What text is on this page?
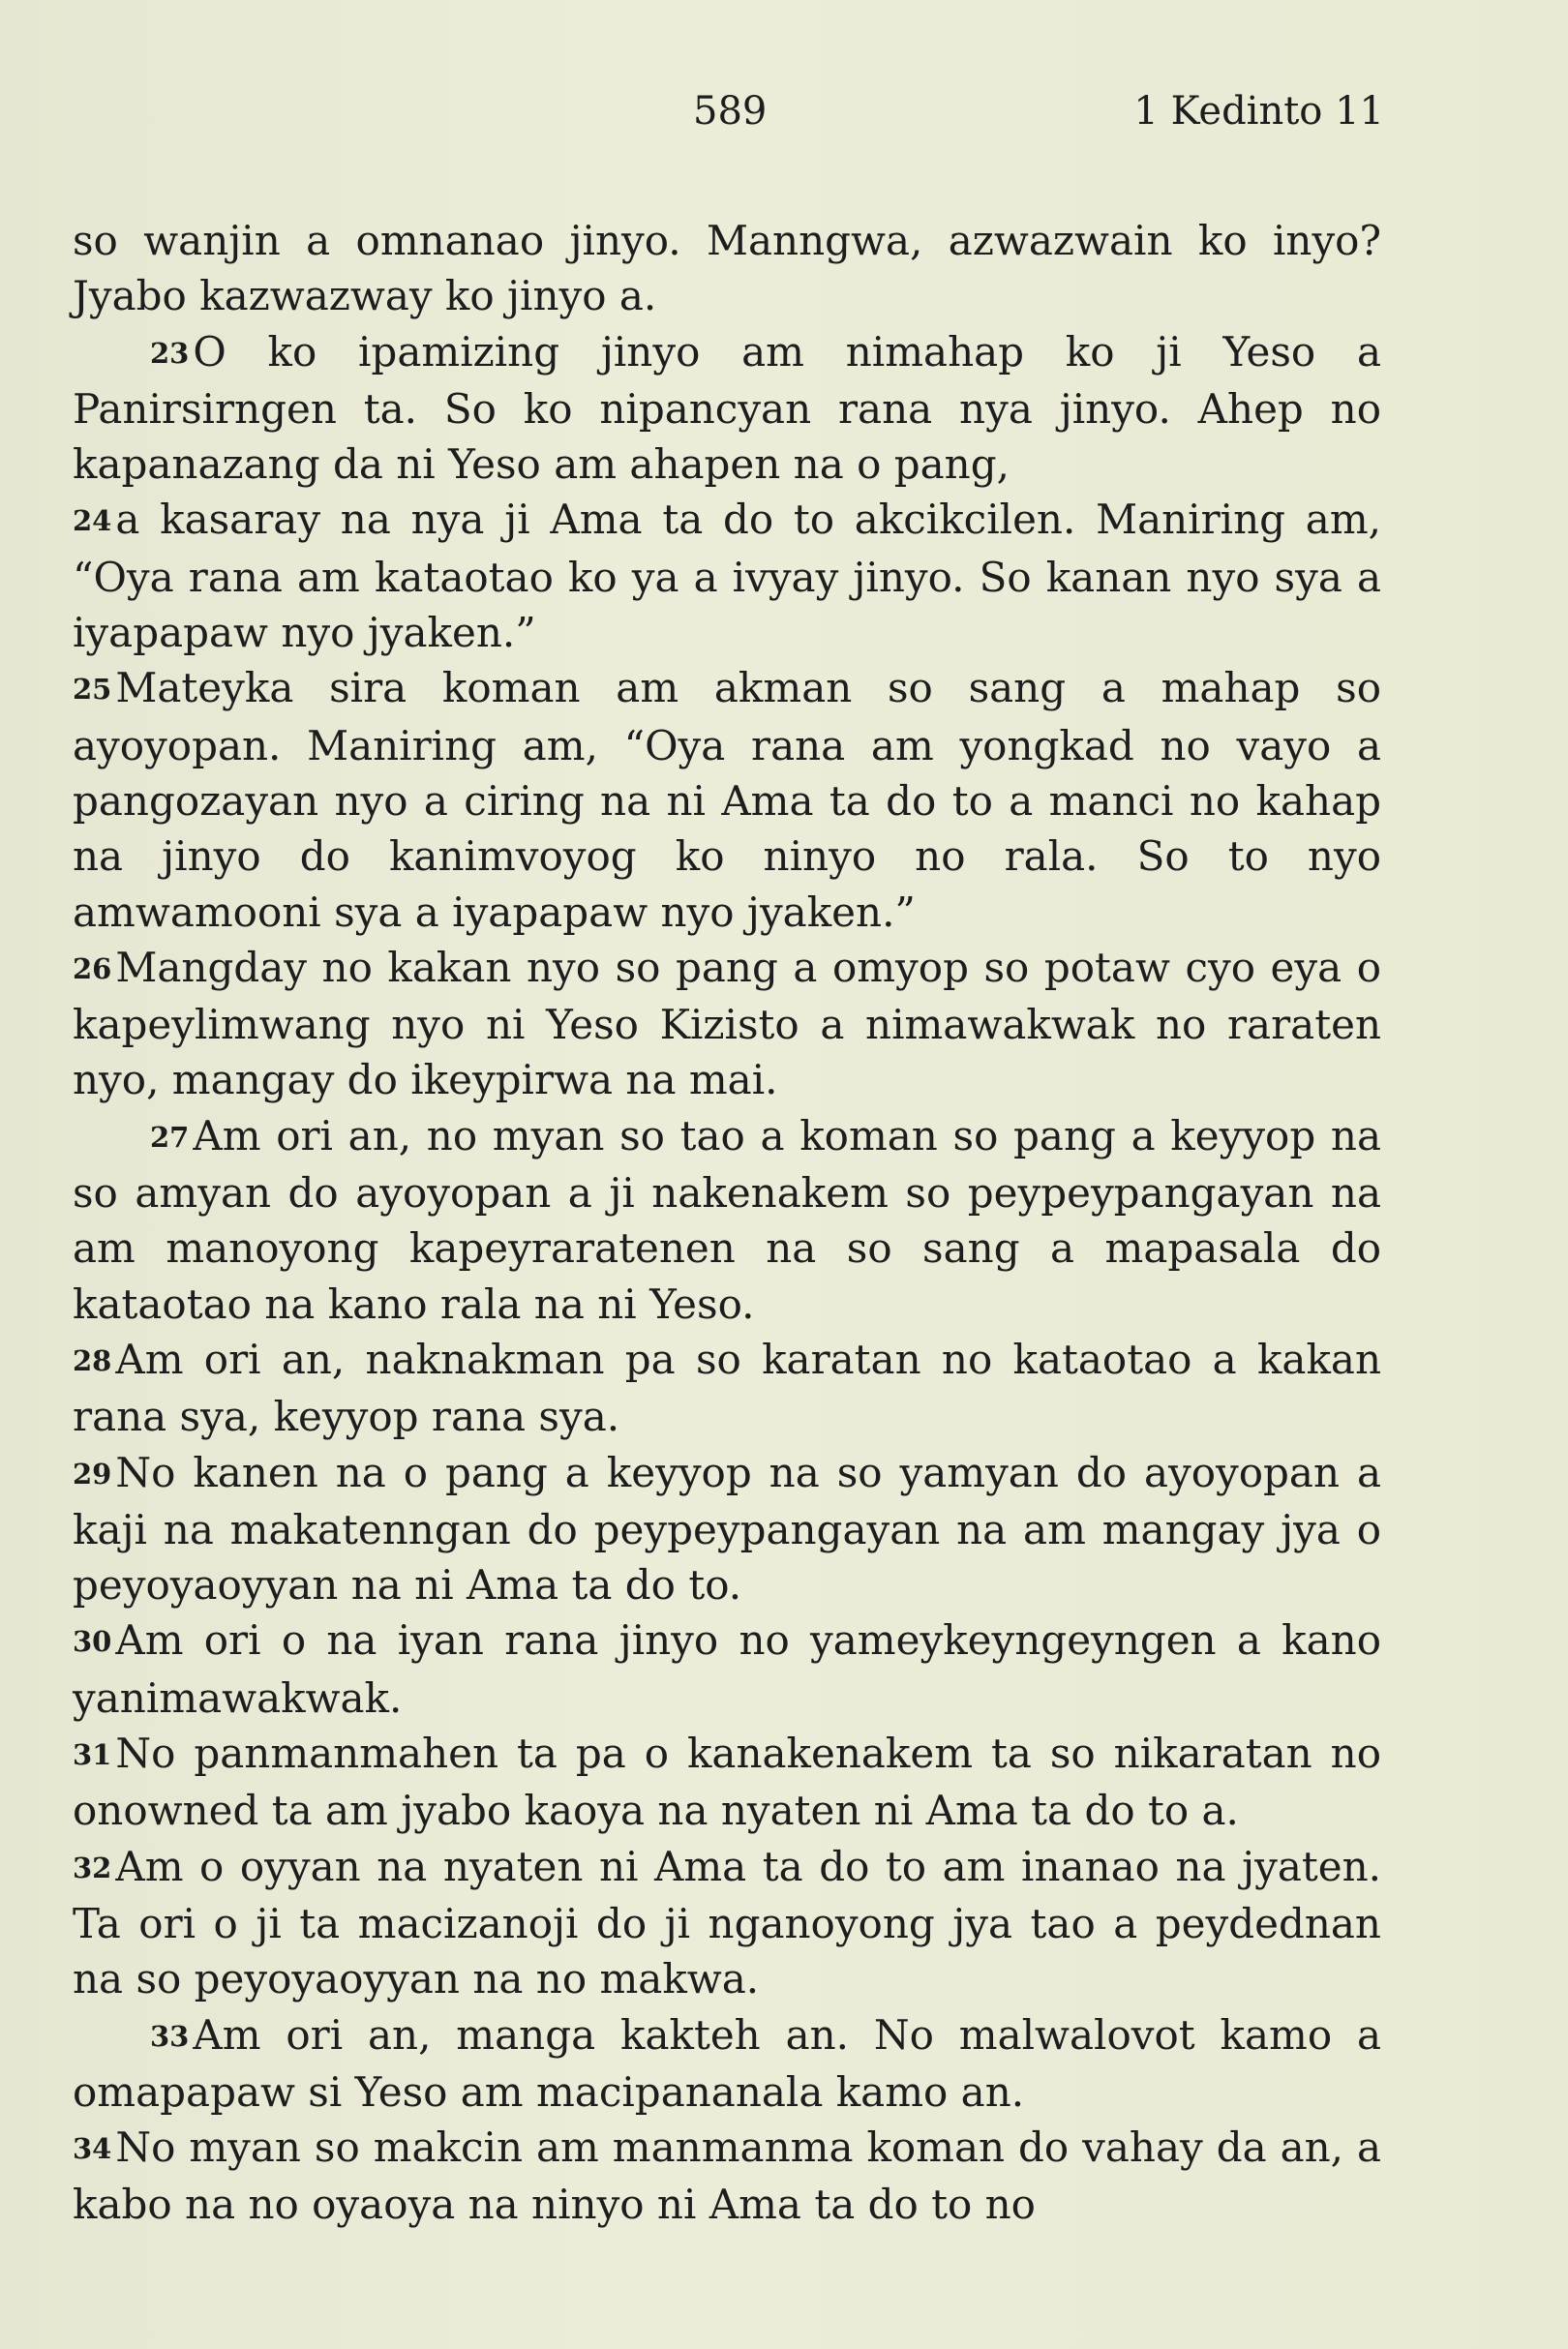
589	1 Kedinto 11

so wanjin a omnanao jinyo. Manngwa, azwazwain ko inyo? Jyabo kazwazway ko jinyo a.

23O ko ipamizing jinyo am nimahap ko ji Yeso a Panirsirngen ta. So ko nipancyan rana nya jinyo. Ahep no kapanazang da ni Yeso am ahapen na o pang,

24a kasaray na nya ji Ama ta do to akcikcilen. Maniring am, “Oya rana am kataotao ko ya a ivyay jinyo. So kanan nyo sya a iyapapaw nyo jyaken.”

25Mateyka sira koman am akman so sang a mahap so ayoyopan. Maniring am, “Oya rana am yongkad no vayo a pangozayan nyo a ciring na ni Ama ta do to a manci no kahap na jinyo do kanimvoyog ko ninyo no rala. So to nyo amwamooni sya a iyapapaw nyo jyaken.”

26Mangday no kakan nyo so pang a omyop so potaw cyo eya o kapeylimwang nyo ni Yeso Kizisto a nimawakwak no raraten nyo, mangay do ikeypirwa na mai.

27Am ori an, no myan so tao a koman so pang a keyyop na so amyan do ayoyopan a ji nakenakem so peypeypangayan na am manoyong kapeyraratenen na so sang a mapasala do kataotao na kano rala na ni Yeso.

28Am ori an, naknakman pa so karatan no kataotao a kakan rana sya, keyyop rana sya.

29No kanen na o pang a keyyop na so yamyan do ayoyopan a kaji na makatenngan do peypeypangayan na am mangay jya o peyoyaoyyan na ni Ama ta do to.

30Am ori o na iyan rana jinyo no yameykeyngeyngen a kano yanimawakwak.

31No panmanmahen ta pa o kanakenakem ta so nikaratan no onowned ta am jyabo kaoya na nyaten ni Ama ta do to a.

32Am o oyyan na nyaten ni Ama ta do to am inanao na jyaten. Ta ori o ji ta macizanoji do ji nganoyong jya tao a peydednan na so peyoyaoyyan na no makwa.

33Am ori an, manga kakteh an. No malwalovot kamo a omapapaw si Yeso am macipananala kamo an.

34No myan so makcin am manmanma koman do vahay da an, a kabo na no oyaoya na ninyo ni Ama ta do to no
